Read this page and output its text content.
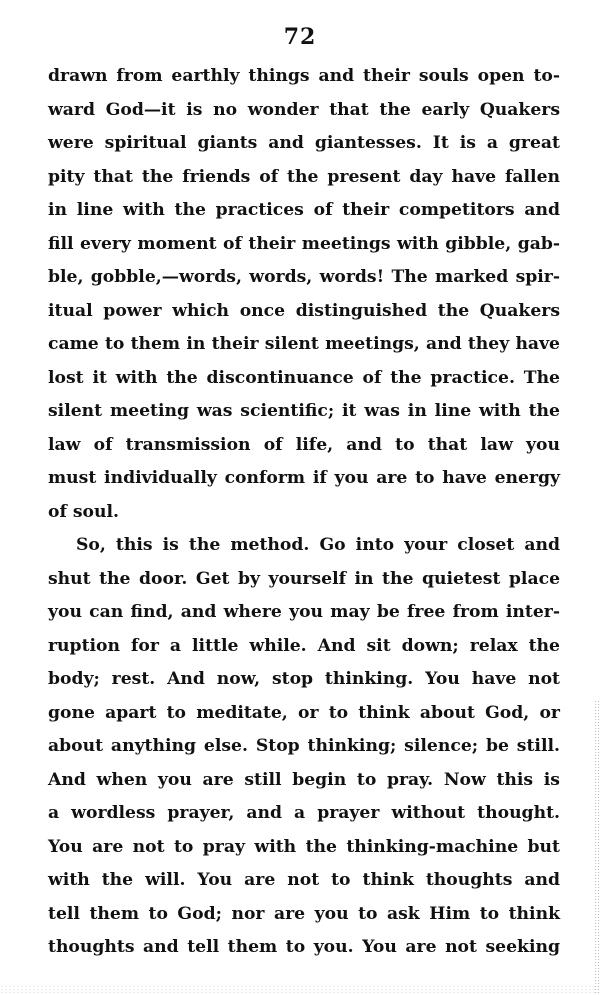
72
drawn from earthly things and their souls open to-
ward God—it is no wonder that the early Quakers
were spiritual giants and giantesses. It is a great
pity that the friends of the present day have fallen
in line with the practices of their competitors and
fill every moment of their meetings with gibble, gab-
ble, gobble,—words, words, words! The marked spir-
itual power which once distinguished the Quakers
came to them in their silent meetings, and they have
lost it with the discontinuance of the practice. The
silent meeting was scientific; it was in line with the
law of transmission of life, and to that law you
must individually conform if you are to have energy
of soul.
So, this is the method. Go into your closet and
shut the door. Get by yourself in the quietest place
you can find, and where you may be free from inter-
ruption for a little while. And sit down; relax the
body; rest. And now, stop thinking. You have not
gone apart to meditate, or to think about God, or
about anything else. Stop thinking; silence; be still.
And when you are still begin to pray. Now this is
a wordless prayer, and a prayer without thought.
You are not to pray with the thinking-machine but
with the will. You are not to think thoughts and
tell them to God; nor are you to ask Him to think
thoughts and tell them to you. You are not seeking
